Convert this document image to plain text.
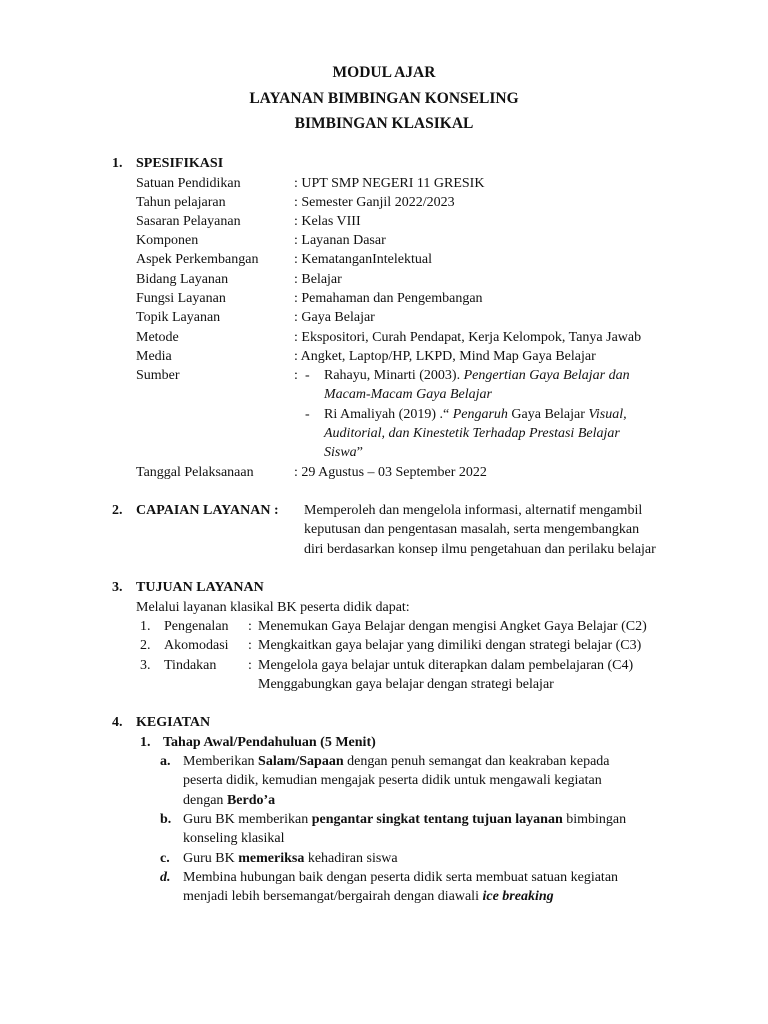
MODUL AJAR
LAYANAN BIMBINGAN KONSELING
BIMBINGAN KLASIKAL
1. SPESIFIKASI
Satuan Pendidikan	: UPT SMP NEGERI 11 GRESIK
Tahun pelajaran	: Semester Ganjil 2022/2023
Sasaran Pelayanan	: Kelas VIII
Komponen	: Layanan Dasar
Aspek Perkembangan	: KematanganIntelektual
Bidang Layanan	: Belajar
Fungsi Layanan	: Pemahaman dan Pengembangan
Topik Layanan	: Gaya Belajar
Metode	: Ekspositori, Curah Pendapat, Kerja Kelompok, Tanya Jawab
Media	: Angket, Laptop/HP, LKPD, Mind Map Gaya Belajar
Sumber	: - Rahayu, Minarti (2003). Pengertian Gaya Belajar dan
Macam-Macam Gaya Belajar
- Ri Amaliyah (2019) .“ Pengaruh Gaya Belajar Visual,
Auditorial, dan Kinestetik Terhadap Prestasi Belajar
Siswa”
Tanggal Pelaksanaan	: 29 Agustus – 03 September 2022
2. CAPAIAN LAYANAN : Memperoleh dan mengelola informasi, alternatif mengambil
keputusan dan pengentasan masalah, serta mengembangkan
diri berdasarkan konsep ilmu pengetahuan dan perilaku belajar
3. TUJUAN LAYANAN
Melalui layanan klasikal BK peserta didik dapat:
1. Pengenalan : Menemukan Gaya Belajar dengan mengisi Angket Gaya Belajar (C2)
2. Akomodasi : Mengkaitkan gaya belajar yang dimiliki dengan strategi belajar (C3)
3. Tindakan : Mengelola gaya belajar untuk diterapkan dalam pembelajaran (C4)
Menggabungkan gaya belajar dengan strategi belajar
4. KEGIATAN
1. Tahap Awal/Pendahuluan (5 Menit)
a. Memberikan Salam/Sapaan dengan penuh semangat dan keakraban kepada
peserta didik, kemudian mengajak peserta didik untuk mengawali kegiatan
dengan Berdo’a
b. Guru BK memberikan pengantar singkat tentang tujuan layanan bimbingan
konseling klasikal
c. Guru BK memeriksa kehadiran siswa
d. Membina hubungan baik dengan peserta didik serta membuat satuan kegiatan
menjadi lebih bersemangat/bergairah dengan diawali ice breaking
